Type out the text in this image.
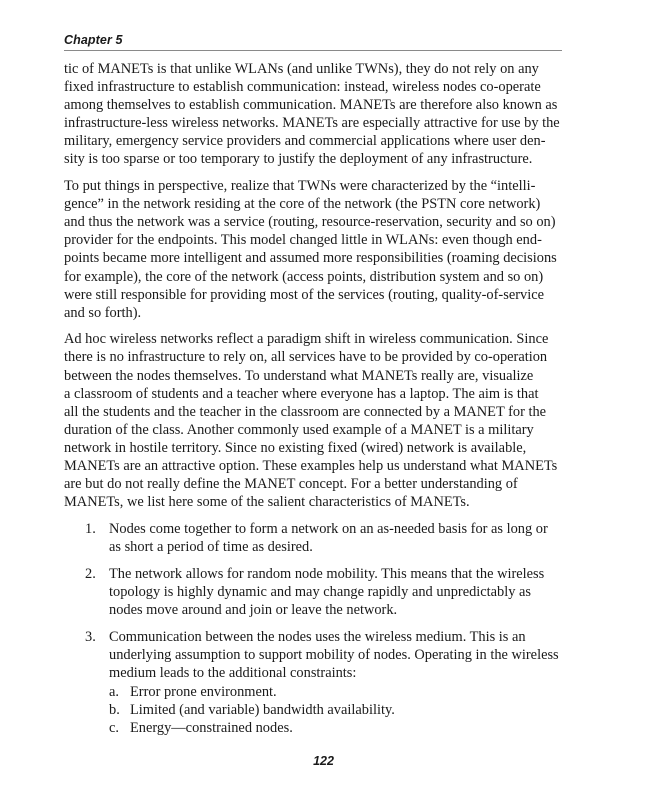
Chapter 5

tic of MANETs is that unlike WLANs (and unlike TWNs), they do not rely on any
fixed infrastructure to establish communication: instead, wireless nodes co-operate
among themselves to establish communication. MANETs are therefore also known as
infrastructure-less wireless networks. MANETs are especially attractive for use by the
military, emergency service providers and commercial applications where user den-
sity is too sparse or too temporary to justify the deployment of any infrastructure.

To put things in perspective, realize that TWNs were characterized by the “intelli-
gence” in the network residing at the core of the network (the PSTN core network)
and thus the network was a service (routing, resource-reservation, security and so on)
provider for the endpoints. This model changed little in WLANs: even though end-
points became more intelligent and assumed more responsibilities (roaming decisions
for example), the core of the network (access points, distribution system and so on)
were still responsible for providing most of the services (routing, quality-of-service
and so forth).

Ad hoc wireless networks reflect a paradigm shift in wireless communication. Since
there is no infrastructure to rely on, all services have to be provided by co-operation
between the nodes themselves. To understand what MANETs really are, visualize
a classroom of students and a teacher where everyone has a laptop. The aim is that
all the students and the teacher in the classroom are connected by a MANET for the
duration of the class. Another commonly used example of a MANET is a military
network in hostile territory. Since no existing fixed (wired) network is available,
MANETs are an attractive option. These examples help us understand what MANETs
are but do not really define the MANET concept. For a better understanding of
MANETs, we list here some of the salient characteristics of MANETs.

1. Nodes come together to form a network on an as-needed basis for as long or
as short a period of time as desired.
2. The network allows for random node mobility. This means that the wireless
topology is highly dynamic and may change rapidly and unpredictably as
nodes move around and join or leave the network.
3. Communication between the nodes uses the wireless medium. This is an
underlying assumption to support mobility of nodes. Operating in the wireless
medium leads to the additional constraints:
a. Error prone environment.
b. Limited (and variable) bandwidth availability.
c. Energy—constrained nodes.
122
